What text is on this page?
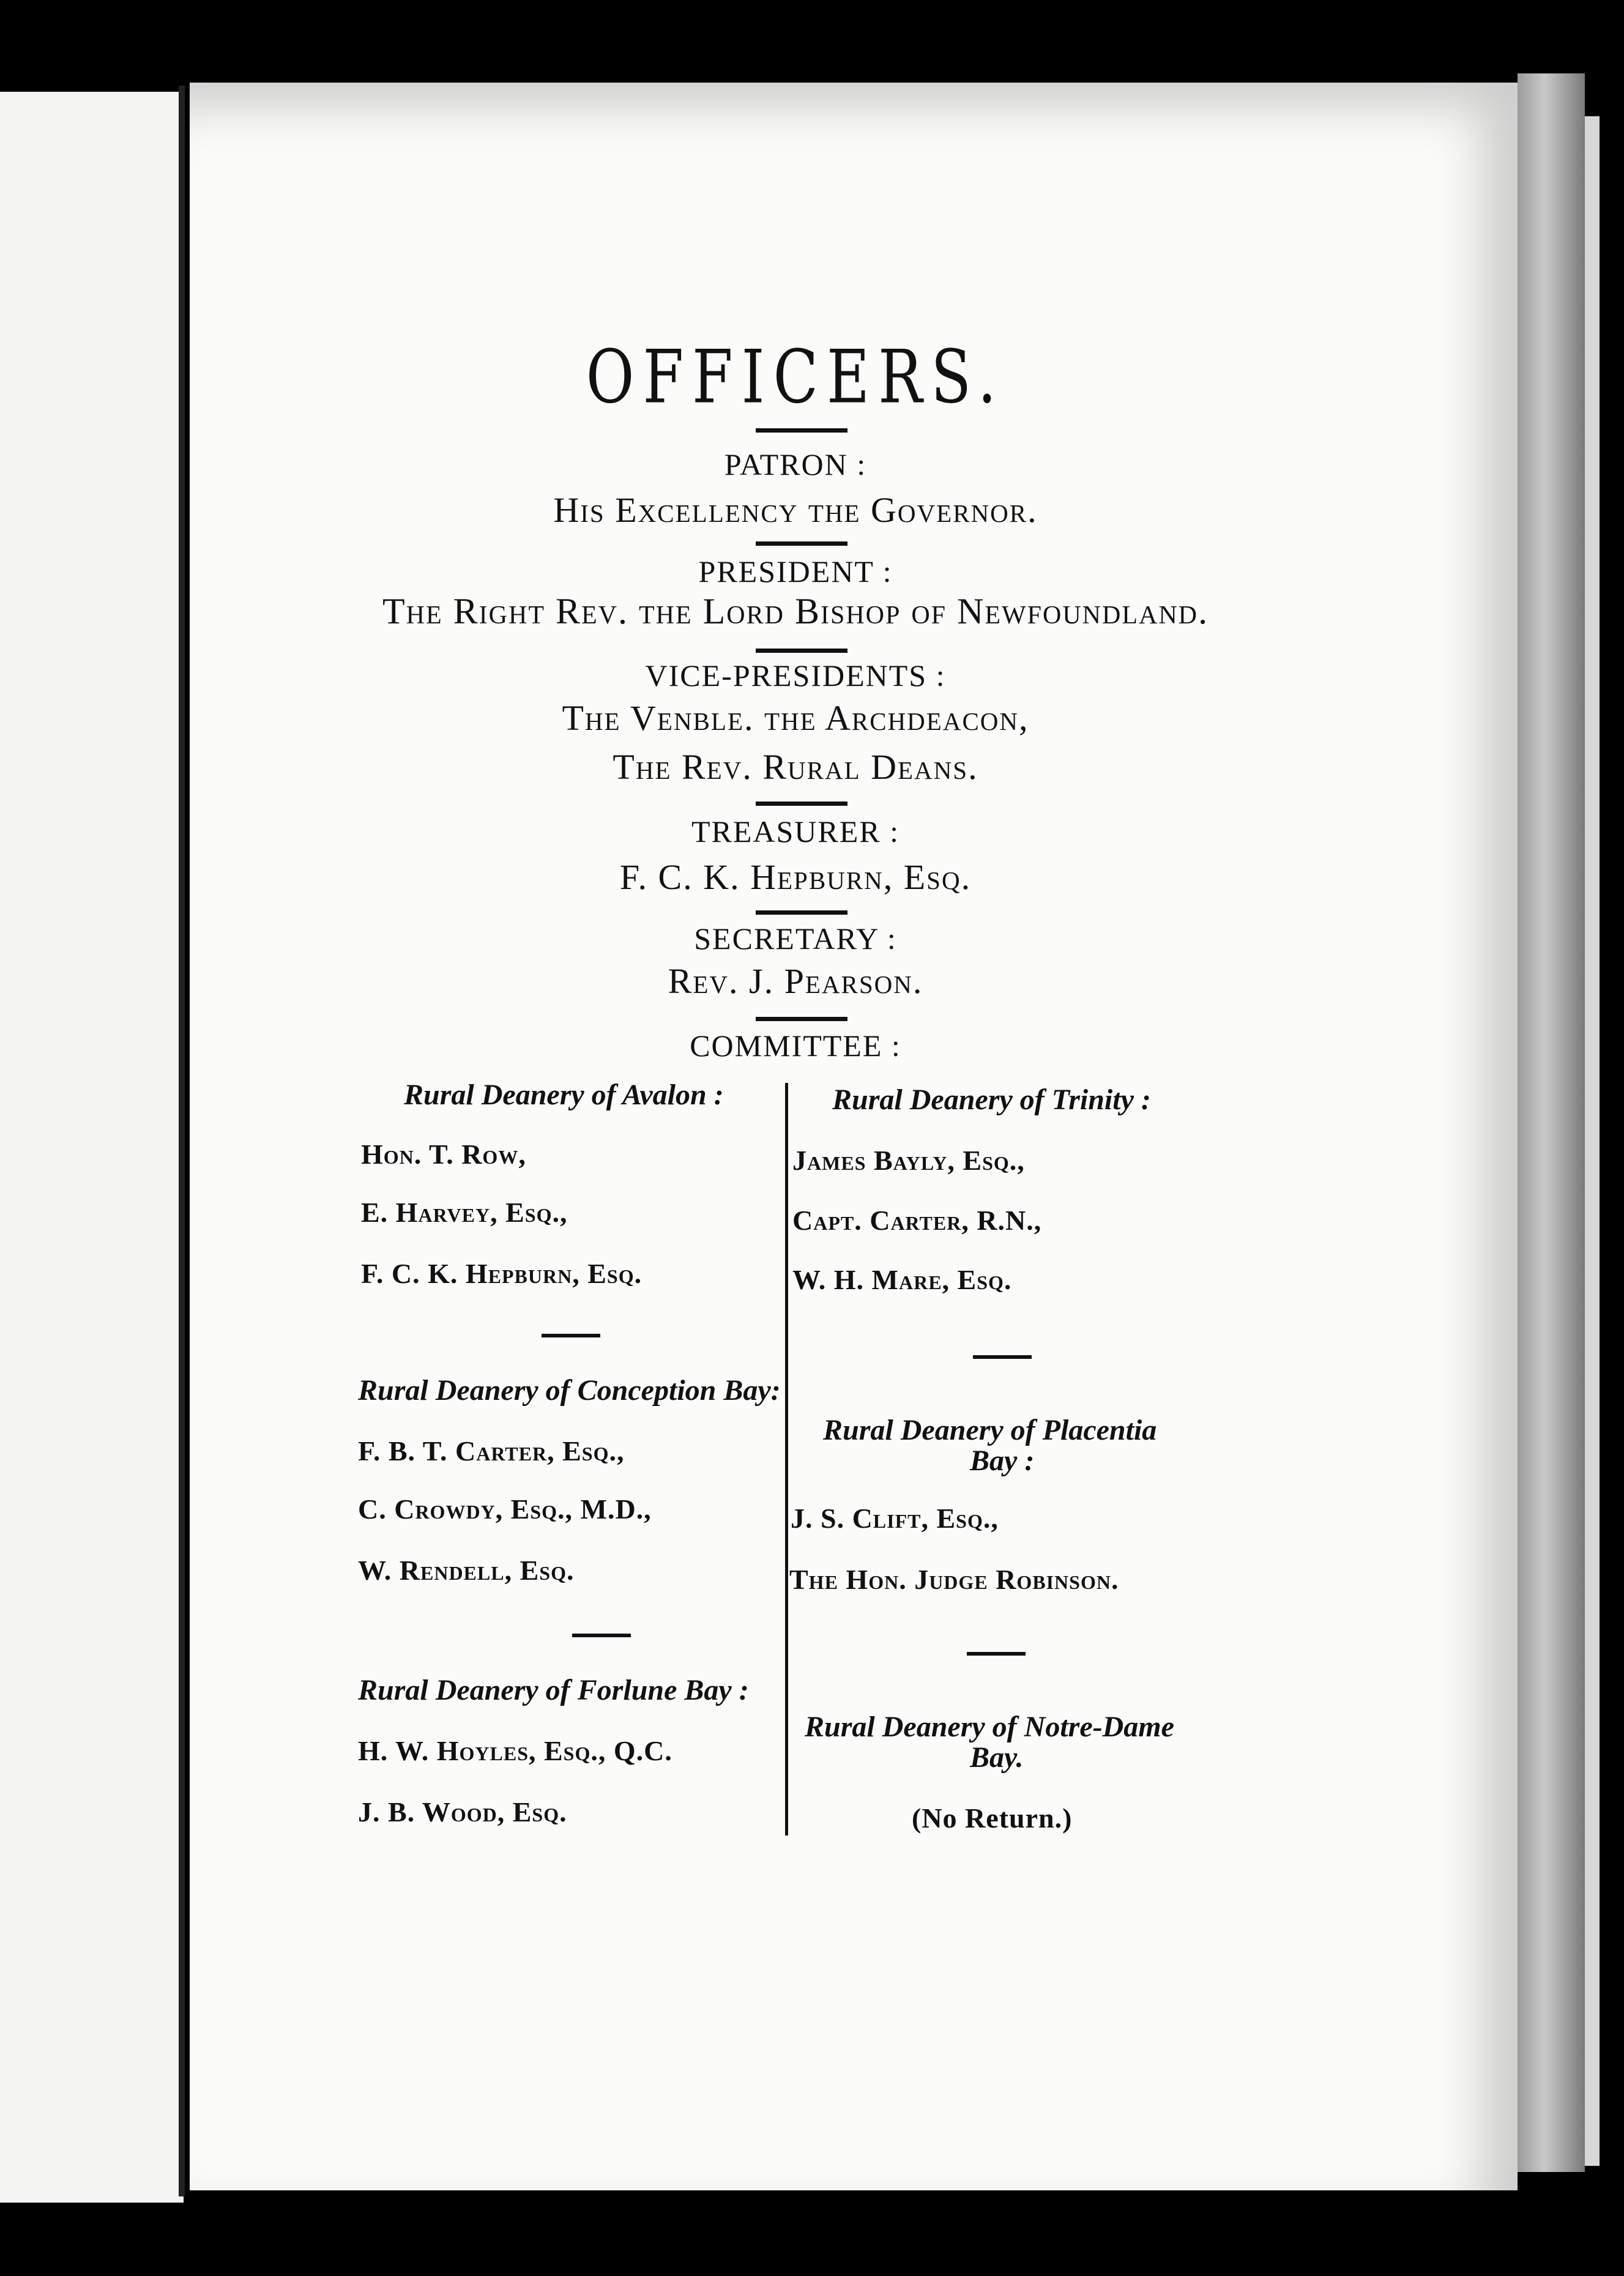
OFFICERS.
PATRON :
His Excellency the Governor.
PRESIDENT :
The Right Rev. the Lord Bishop of Newfoundland.
VICE-PRESIDENTS :
The Venble. the Archdeacon,
The Rev. Rural Deans.
TREASURER :
F. C. K. Hepburn, Esq.
SECRETARY :
Rev. J. Pearson.
COMMITTEE :
Rural Deanery of Avalon :
Hon. T. Row,
E. Harvey, Esq.,
F. C. K. Hepburn, Esq.
Rural Deanery of Conception Bay:
F. B. T. Carter, Esq.,
C. Crowdy, Esq., M.D.,
W. Rendell, Esq.
Rural Deanery of Forlune Bay :
H. W. Hoyles, Esq., Q.C.
J. B. Wood, Esq.
Rural Deanery of Trinity :
James Bayly, Esq.,
Capt. Carter, R.N.,
W. H. Mare, Esq.
Rural Deanery of Placentia
Bay :
J. S. Clift, Esq.,
The Hon. Judge Robinson.
Rural Deanery of Notre-Dame
Bay.
(No Return.)
